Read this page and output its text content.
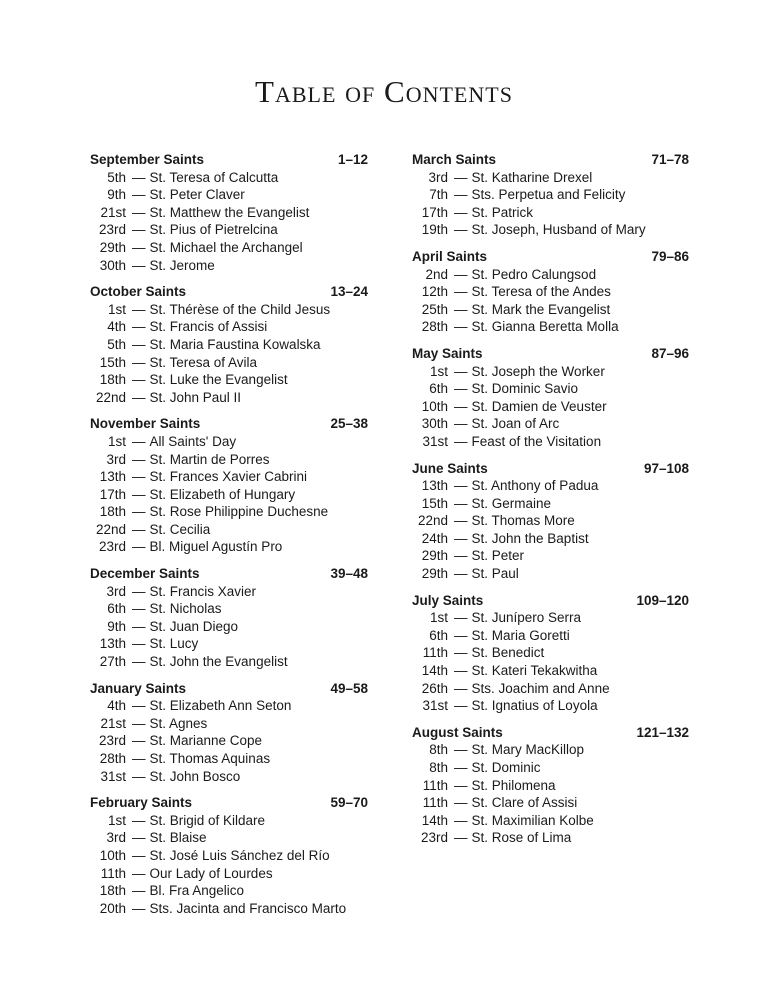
Table of Contents
September Saints	1–12
5th — St. Teresa of Calcutta
9th — St. Peter Claver
21st — St. Matthew the Evangelist
23rd — St. Pius of Pietrelcina
29th — St. Michael the Archangel
30th — St. Jerome
October Saints	13–24
1st — St. Thérèse of the Child Jesus
4th — St. Francis of Assisi
5th — St. Maria Faustina Kowalska
15th — St. Teresa of Avila
18th — St. Luke the Evangelist
22nd — St. John Paul II
November Saints	25–38
1st — All Saints' Day
3rd — St. Martin de Porres
13th — St. Frances Xavier Cabrini
17th — St. Elizabeth of Hungary
18th — St. Rose Philippine Duchesne
22nd — St. Cecilia
23rd — Bl. Miguel Agustín Pro
December Saints	39–48
3rd — St. Francis Xavier
6th — St. Nicholas
9th — St. Juan Diego
13th — St. Lucy
27th — St. John the Evangelist
January Saints	49–58
4th — St. Elizabeth Ann Seton
21st — St. Agnes
23rd — St. Marianne Cope
28th — St. Thomas Aquinas
31st — St. John Bosco
February Saints	59–70
1st — St. Brigid of Kildare
3rd — St. Blaise
10th — St. José Luis Sánchez del Río
11th — Our Lady of Lourdes
18th — Bl. Fra Angelico
20th — Sts. Jacinta and Francisco Marto
March Saints	71–78
3rd — St. Katharine Drexel
7th — Sts. Perpetua and Felicity
17th — St. Patrick
19th — St. Joseph, Husband of Mary
April Saints	79–86
2nd — St. Pedro Calungsod
12th — St. Teresa of the Andes
25th — St. Mark the Evangelist
28th — St. Gianna Beretta Molla
May Saints	87–96
1st — St. Joseph the Worker
6th — St. Dominic Savio
10th — St. Damien de Veuster
30th — St. Joan of Arc
31st — Feast of the Visitation
June Saints	97–108
13th — St. Anthony of Padua
15th — St. Germaine
22nd — St. Thomas More
24th — St. John the Baptist
29th — St. Peter
29th — St. Paul
July Saints	109–120
1st — St. Junípero Serra
6th — St. Maria Goretti
11th — St. Benedict
14th — St. Kateri Tekakwitha
26th — Sts. Joachim and Anne
31st — St. Ignatius of Loyola
August Saints	121–132
8th — St. Mary MacKillop
8th — St. Dominic
11th — St. Philomena
11th — St. Clare of Assisi
14th — St. Maximilian Kolbe
23rd — St. Rose of Lima
